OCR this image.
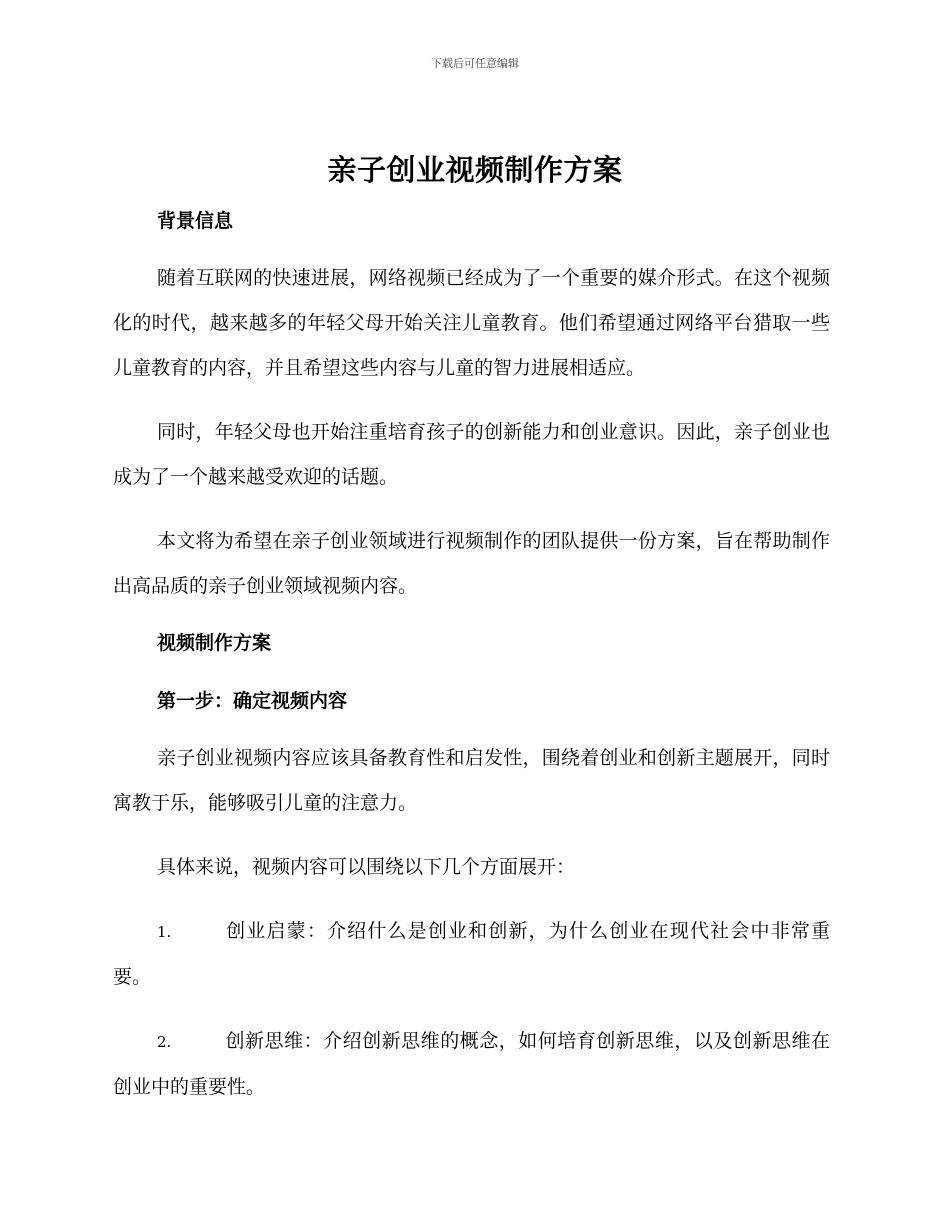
下载后可任意编辑
亲子创业视频制作方案
背景信息

随着互联网的快速进展，网络视频已经成为了一个重要的媒介形式。在这个视频化的时代，越来越多的年轻父母开始关注儿童教育。他们希望通过网络平台猎取一些儿童教育的内容，并且希望这些内容与儿童的智力进展相适应。

同时，年轻父母也开始注重培育孩子的创新能力和创业意识。因此，亲子创业也成为了一个越来越受欢迎的话题。

本文将为希望在亲子创业领域进行视频制作的团队提供一份方案，旨在帮助制作出高品质的亲子创业领域视频内容。

视频制作方案
第一步：确定视频内容

亲子创业视频内容应该具备教育性和启发性，围绕着创业和创新主题展开，同时寓教于乐，能够吸引儿童的注意力。

具体来说，视频内容可以围绕以下几个方面展开：

1.	创业启蒙：介绍什么是创业和创新，为什么创业在现代社会中非常重要。

2.	创新思维：介绍创新思维的概念，如何培育创新思维，以及创新思维在创业中的重要性。
